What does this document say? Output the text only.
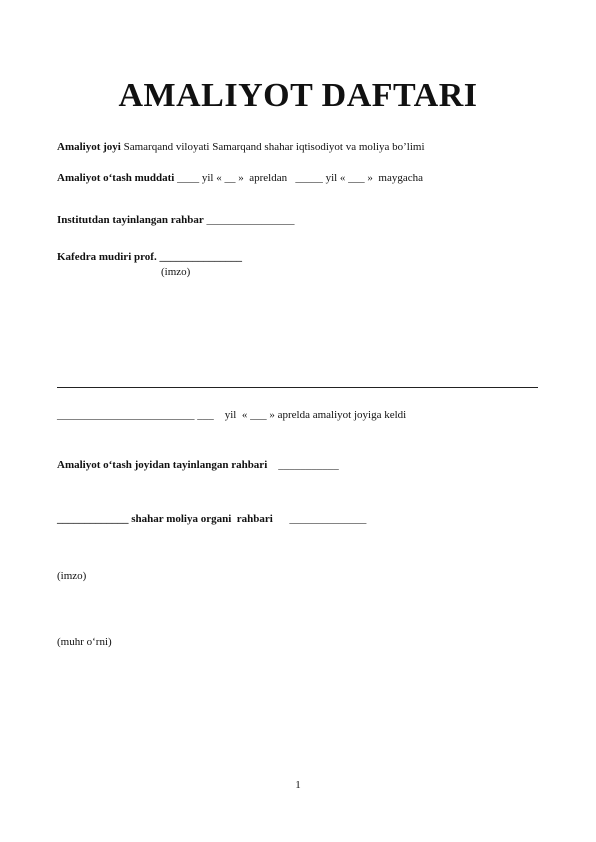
AMALIYOT DAFTARI
Amaliyot joyi Samarqand viloyati Samarqand shahar iqtisodiyot va moliya bo’limi
Amaliyot o‘tash muddati ____ yil « __ »  apreldan   _____ yil « ___ »  maygacha
Institutdan tayinlangan rahbar ________________
Kafedra mudiri prof. _______________
(imzo)
_________________________ ___    yil  « ___ » aprelda amaliyot joyiga keldi
Amaliyot o‘tash joyidan tayinlangan rahbari    ___________
_____________ shahar moliya organi  rahbari      ______________
(imzo)
(muhr o‘rni)
1
